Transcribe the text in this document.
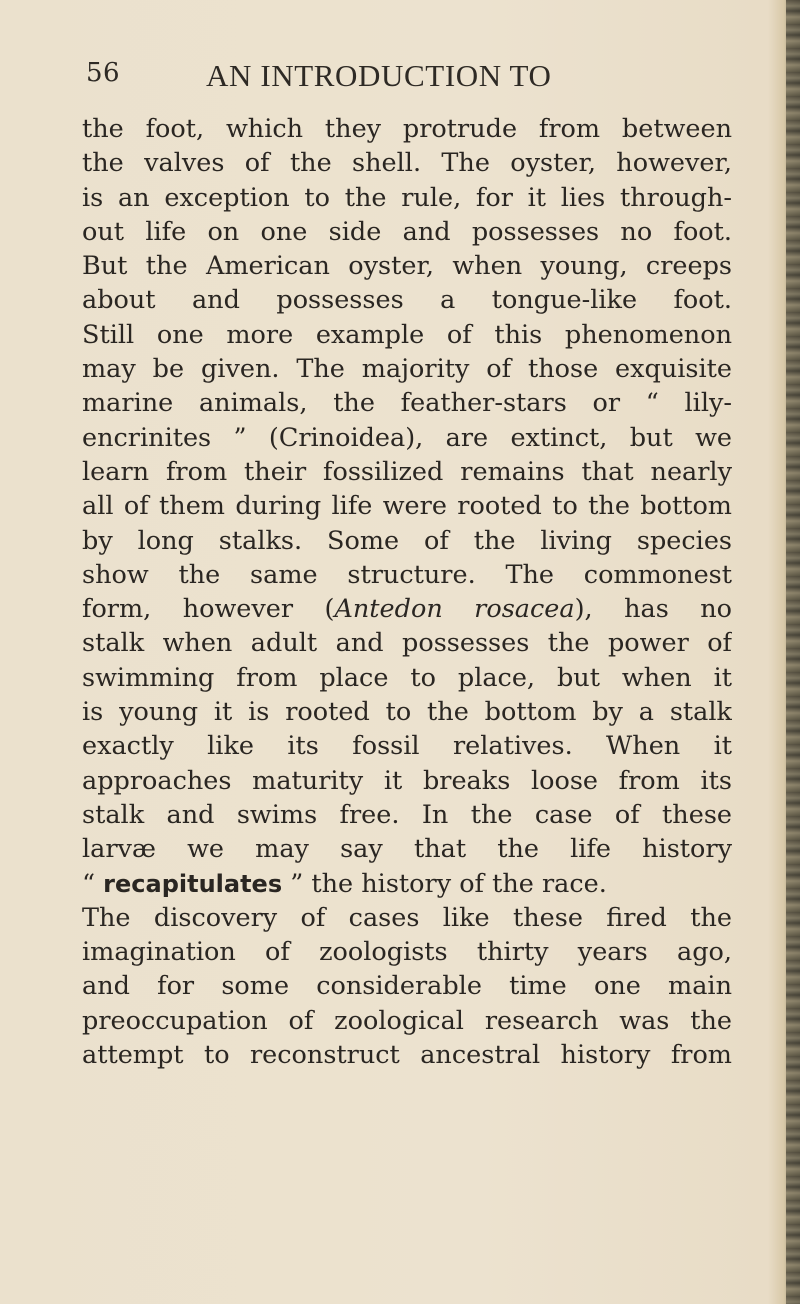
56	AN INTRODUCTION TO
the foot, which they protrude from between
the valves of the shell. The oyster, however,
is an exception to the rule, for it lies through-
out life on one side and possesses no foot.
But the American oyster, when young, creeps
about and possesses a tongue-like foot.
Still one more example of this phenomenon
may be given. The majority of those exquisite
marine animals, the feather-stars or “ lily-
encrinites ” (Crinoidea), are extinct, but we
learn from their fossilized remains that nearly
all of them during life were rooted to the bottom
by long stalks. Some of the living species
show the same structure. The commonest
form, however (Antedon rosacea), has no
stalk when adult and possesses the power of
swimming from place to place, but when it
is young it is rooted to the bottom by a stalk
exactly like its fossil relatives. When it
approaches maturity it breaks loose from its
stalk and swims free. In the case of these
larvæ we may say that the life history
“ recapitulates ” the history of the race.
The discovery of cases like these fired the
imagination of zoologists thirty years ago,
and for some considerable time one main
preoccupation of zoological research was the
attempt to reconstruct ancestral history from
